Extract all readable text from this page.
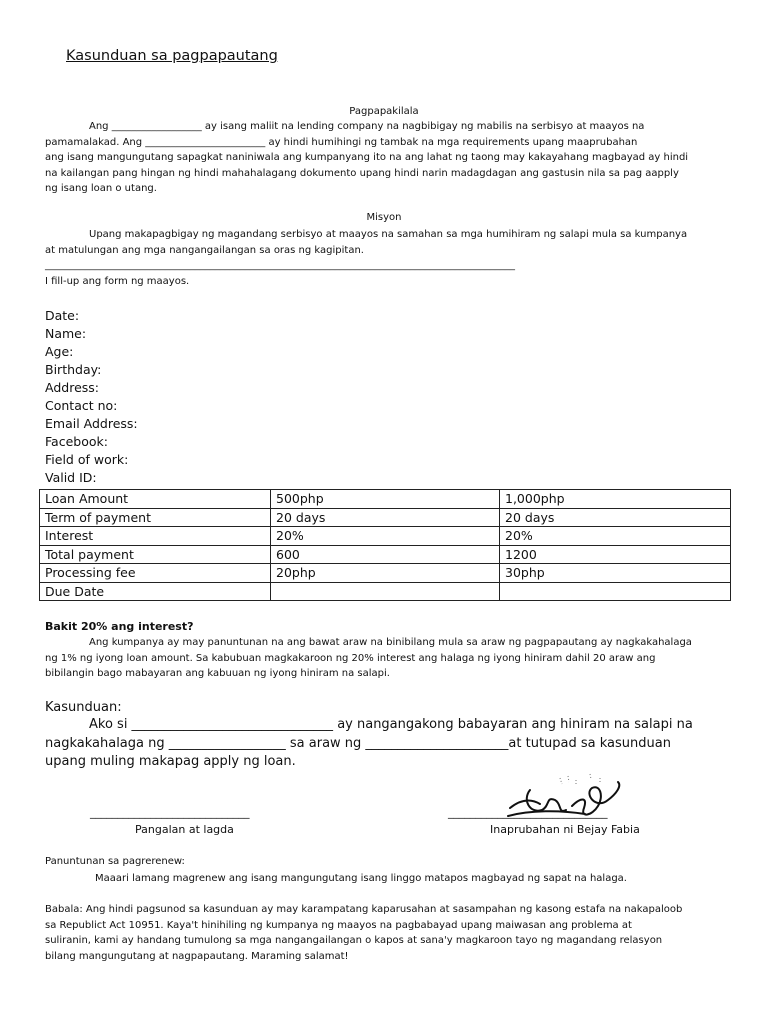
Kasunduan sa pagpapautang
Pagpapakilala

Ang __________________ ay isang maliit na lending company na nagbibigay ng mabilis na serbisyo at maayos na

pamamalakad. Ang ________________________ ay hindi humihingi ng tambak na mga requirements upang maaprubahan

ang isang mangungutang sapagkat naniniwala ang kumpanyang ito na ang lahat ng taong may kakayahang magbayad ay hindi

na kailangan pang hingan ng hindi mahahalagang dokumento upang hindi narin madagdagan ang gastusin nila sa pag aapply

ng isang loan o utang.

Misyon

Upang makapagbigay ng magandang serbisyo at maayos na samahan sa mga humihiram ng salapi mula sa kumpanya

at matulungan ang mga nangangailangan sa oras ng kagipitan.

______________________________________________________________________________________________

I fill-up ang form ng maayos.

Date:

Name:

Age:

Birthday:

Address:

Contact no:

Email Address:

Facebook:

Field of work:

Valid ID:

Loan Amount	500php	1,000php
Term of payment	20 days	20 days
Interest	20%	20%
Total payment	600	1200
Processing fee	20php	30php
Due Date		
Bakit 20% ang interest?

Ang kumpanya ay may panuntunan na ang bawat araw na binibilang mula sa araw ng pagpapautang ay nagkakahalaga

ng 1% ng iyong loan amount. Sa kabubuan magkakaroon ng 20% interest ang halaga ng iyong hiniram dahil 20 araw ang

bibilangin bago mabayaran ang kabuuan ng iyong hiniram na salapi.

Kasunduan:

Ako si _______________________________ ay nangangakong babayaran ang hiniram na salapi na

nagkakahalaga ng __________________ sa araw ng ______________________at tutupad sa kasunduan

upang muling makapag apply ng loan.

_____________________________
Pangalan at lagda
_____________________________
Inaprubahan ni Bejay Fabia
Panuntunan sa pagrerenew:
Maaari lamang magrenew ang isang mangungutang isang linggo matapos magbayad ng sapat na halaga.

Babala: Ang hindi pagsunod sa kasunduan ay may karampatang kaparusahan at sasampahan ng kasong estafa na nakapaloob

sa Republict Act 10951. Kaya't hinihiling ng kumpanya ng maayos na pagbabayad upang maiwasan ang problema at

suliranin, kami ay handang tumulong sa mga nangangailangan o kapos at sana'y magkaroon tayo ng magandang relasyon

bilang mangungutang at nagpapautang. Maraming salamat!
